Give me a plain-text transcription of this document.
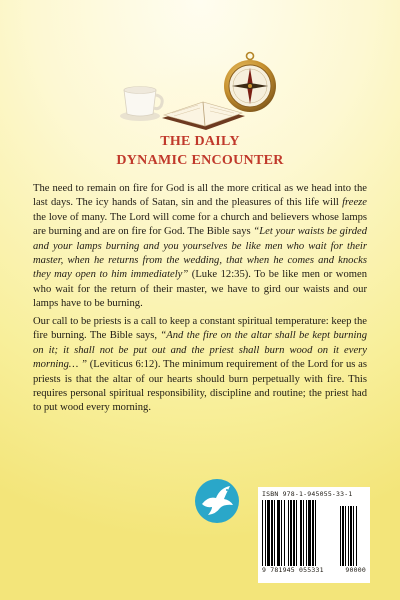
THE DAILY
DYNAMIC ENCOUNTER

The need to remain on fire for God is all the more critical as we head into the last days. The icy hands of Satan, sin and the pleasures of this life will freeze the love of many. The Lord will come for a church and believers whose lamps are burning and are on fire for God. The Bible says “Let your waists be girded and your lamps burning and you yourselves be like men who wait for their master, when he returns from the wedding, that when he comes and knocks they may open to him immediately” (Luke 12:35). To be like men or women who wait for the return of their master, we have to gird our waists and our lamps have to be burning.

Our call to be priests is a call to keep a constant spiritual temperature: keep the fire burning. The Bible says, “And the fire on the altar shall be kept burning on it; it shall not be put out and the priest shall burn wood on it every morning… ” (Leviticus 6:12). The minimum requirement of the Lord for us as priests is that the altar of our hearts should burn perpetually with fire. This requires personal spiritual responsibility, discipline and routine; the priest had to put wood every morning.

ISBN 978-1-945055-33-1
9 781945 055331	90000
